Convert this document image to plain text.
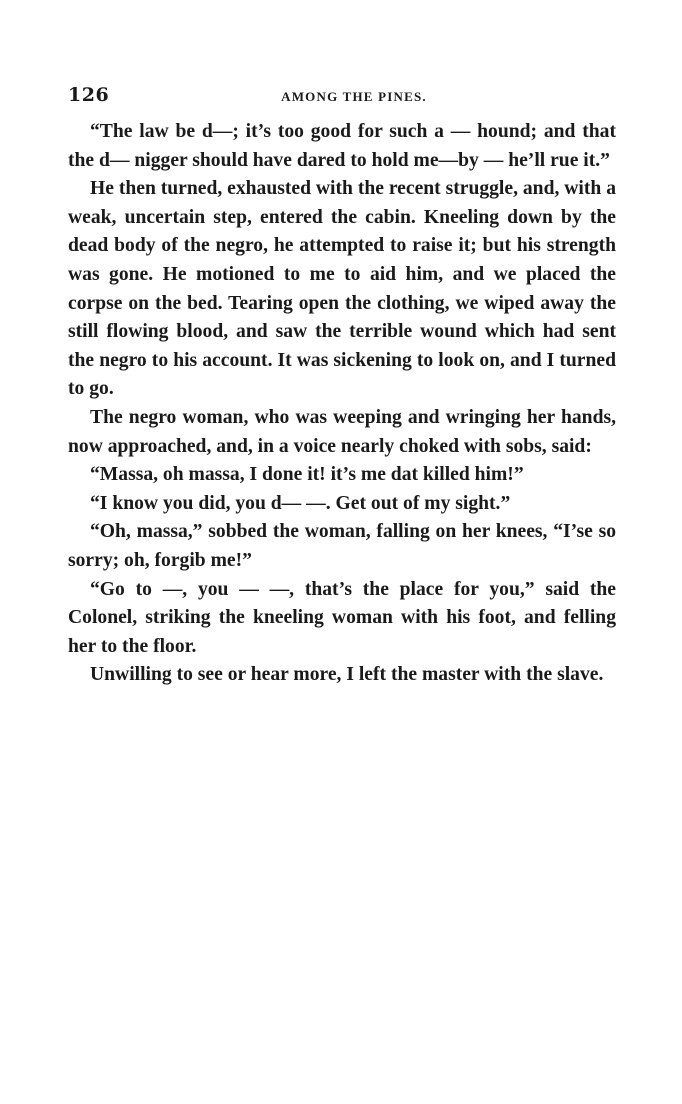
126	AMONG THE PINES.

“The law be d—; it’s too good for such a — hound; and that the d— nigger should have dared to hold me—by — he’ll rue it.”

He then turned, exhausted with the recent struggle, and, with a weak, uncertain step, entered the cabin. Kneeling down by the dead body of the negro, he attempted to raise it; but his strength was gone. He motioned to me to aid him, and we placed the corpse on the bed. Tearing open the clothing, we wiped away the still flowing blood, and saw the terrible wound which had sent the negro to his account. It was sickening to look on, and I turned to go.

The negro woman, who was weeping and wringing her hands, now approached, and, in a voice nearly choked with sobs, said:

“Massa, oh massa, I done it! it’s me dat killed him!”

“I know you did, you d— —. Get out of my sight.”

“Oh, massa,” sobbed the woman, falling on her knees, “I’se so sorry; oh, forgib me!”

“Go to —, you — —, that’s the place for you,” said the Colonel, striking the kneeling woman with his foot, and felling her to the floor.

Unwilling to see or hear more, I left the master with the slave.
